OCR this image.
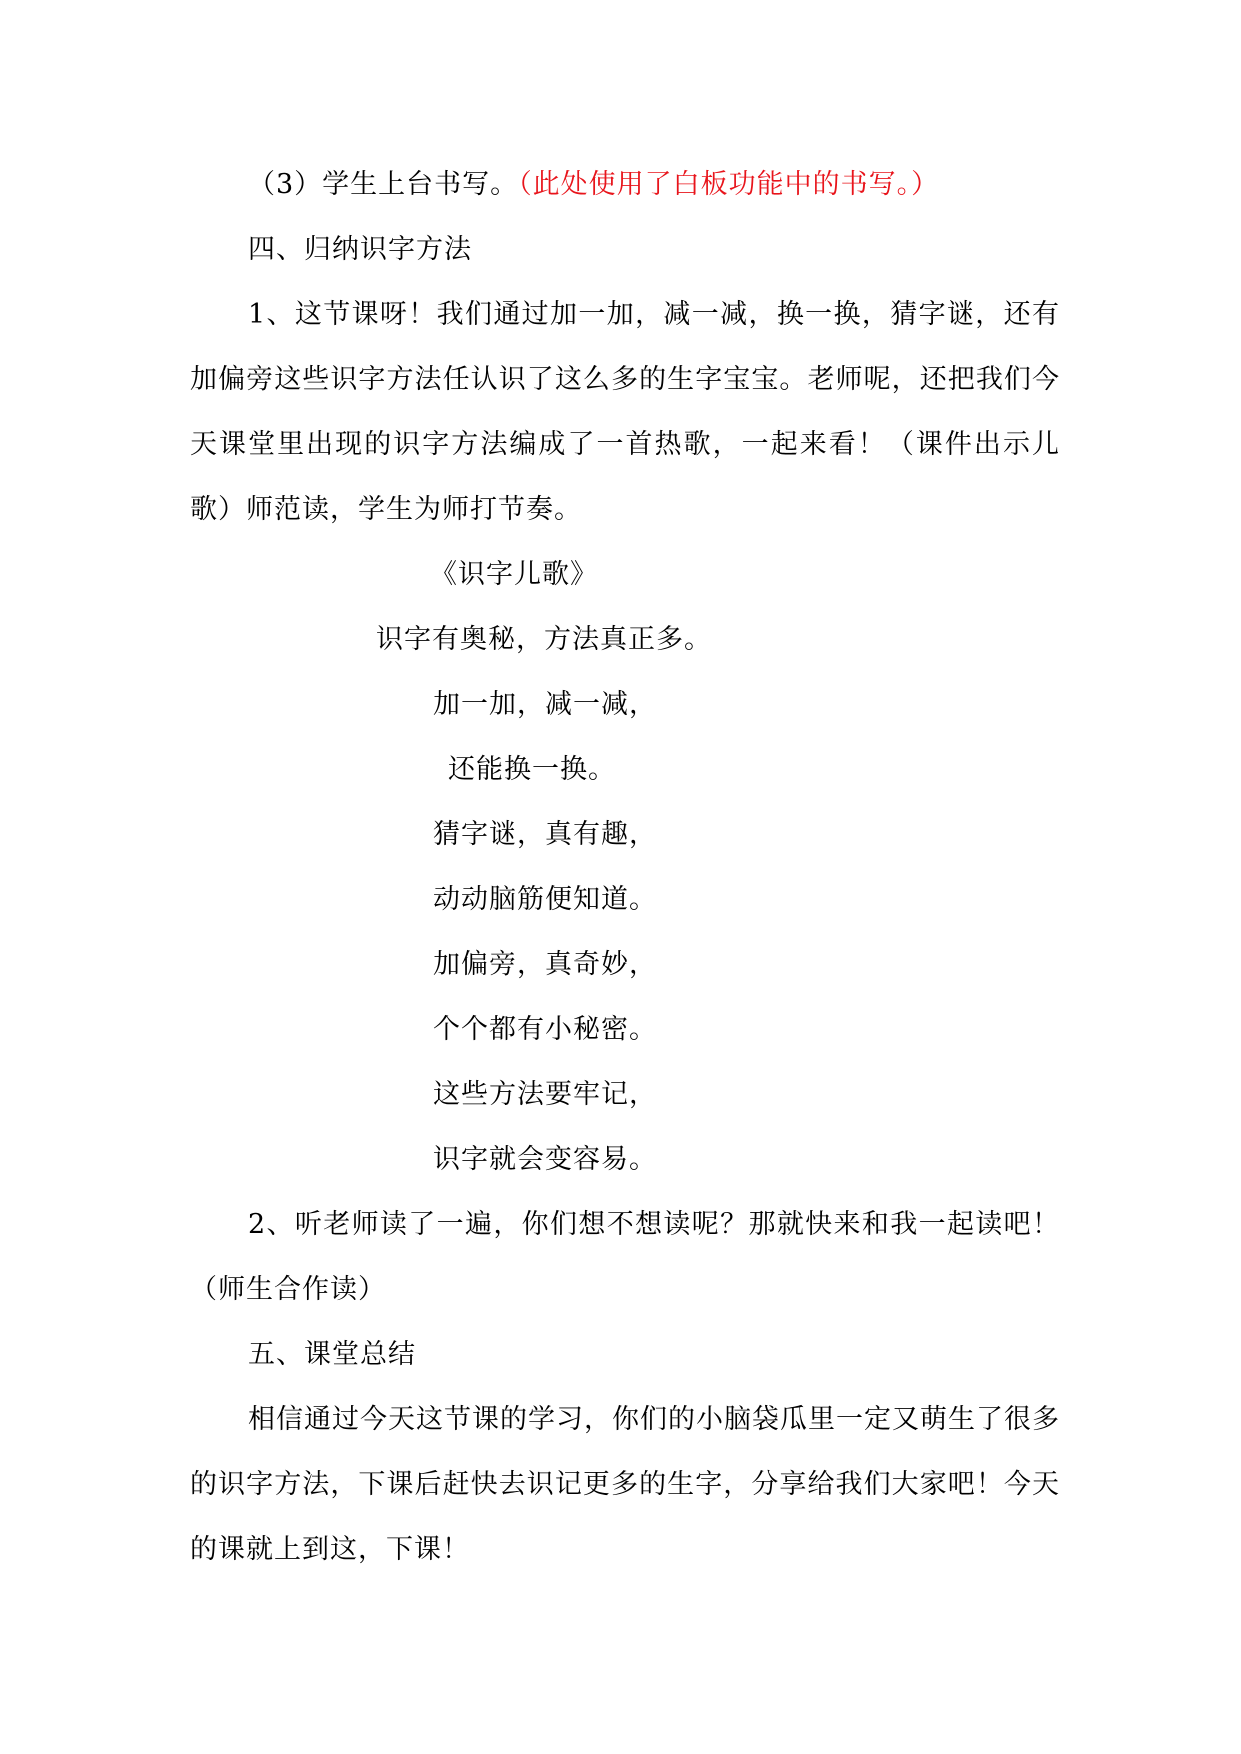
（3）学生上台书写。（此处使用了白板功能中的书写。）

四、归纳识字方法

1、这节课呀！我们通过加一加，减一减，换一换，猜字谜，还有加偏旁这些识字方法任认识了这么多的生字宝宝。老师呢，还把我们今天课堂里出现的识字方法编成了一首热歌，一起来看！（课件出示儿歌）师范读，学生为师打节奏。

《识字儿歌》

识字有奥秘，方法真正多。

加一加，减一减，

还能换一换。

猜字谜，真有趣，

动动脑筋便知道。

加偏旁，真奇妙，

个个都有小秘密。

这些方法要牢记，

识字就会变容易。

2、听老师读了一遍，你们想不想读呢？那就快来和我一起读吧！（师生合作读）

五、课堂总结

相信通过今天这节课的学习，你们的小脑袋瓜里一定又萌生了很多的识字方法，下课后赶快去识记更多的生字，分享给我们大家吧！今天的课就上到这，下课！
